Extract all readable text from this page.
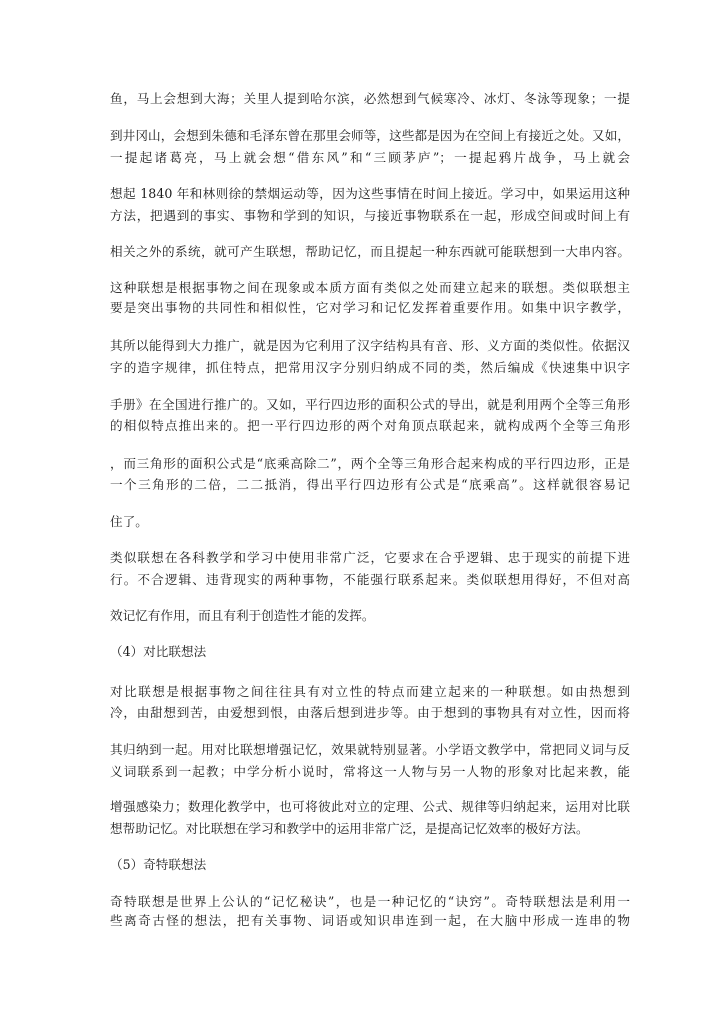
鱼，马上会想到大海；关里人提到哈尔滨，必然想到气候寒冷、冰灯、冬泳等现象；一提
到井冈山，会想到朱德和毛泽东曾在那里会师等，这些都是因为在空间上有接近之处。又如，
一提起诸葛亮，马上就会想“借东风”和“三顾茅庐”；一提起鸦片战争，马上就会
想起 1840 年和林则徐的禁烟运动等，因为这些事情在时间上接近。学习中，如果运用这种
方法，把遇到的事实、事物和学到的知识，与接近事物联系在一起，形成空间或时间上有
相关之外的系统，就可产生联想，帮助记忆，而且提起一种东西就可能联想到一大串内容。
这种联想是根据事物之间在现象或本质方面有类似之处而建立起来的联想。类似联想主
要是突出事物的共同性和相似性，它对学习和记忆发挥着重要作用。如集中识字教学，
其所以能得到大力推广，就是因为它利用了汉字结构具有音、形、义方面的类似性。依据汉
字的造字规律，抓住特点，把常用汉字分别归纳成不同的类，然后编成《快速集中识字
手册》在全国进行推广的。又如，平行四边形的面积公式的导出，就是利用两个全等三角形
的相似特点推出来的。把一平行四边形的两个对角顶点联起来，就构成两个全等三角形
，而三角形的面积公式是“底乘高除二”，两个全等三角形合起来构成的平行四边形，正是
一个三角形的二倍，二二抵消，得出平行四边形有公式是“底乘高”。这样就很容易记
住了。
类似联想在各科教学和学习中使用非常广泛，它要求在合乎逻辑、忠于现实的前提下进
行。不合逻辑、违背现实的两种事物，不能强行联系起来。类似联想用得好，不但对高
效记忆有作用，而且有利于创造性才能的发挥。
（4）对比联想法
对比联想是根据事物之间往往具有对立性的特点而建立起来的一种联想。如由热想到
冷，由甜想到苦，由爱想到恨，由落后想到进步等。由于想到的事物具有对立性，因而将
其归纳到一起。用对比联想增强记忆，效果就特别显著。小学语文教学中，常把同义词与反
义词联系到一起教；中学分析小说时，常将这一人物与另一人物的形象对比起来教，能
增强感染力；数理化教学中，也可将彼此对立的定理、公式、规律等归纳起来，运用对比联
想帮助记忆。对比联想在学习和教学中的运用非常广泛，是提高记忆效率的极好方法。
（5）奇特联想法
奇特联想是世界上公认的“记忆秘诀”，也是一种记忆的“诀窍”。奇特联想法是利用一
些离奇古怪的想法，把有关事物、词语或知识串连到一起，在大脑中形成一连串的物
